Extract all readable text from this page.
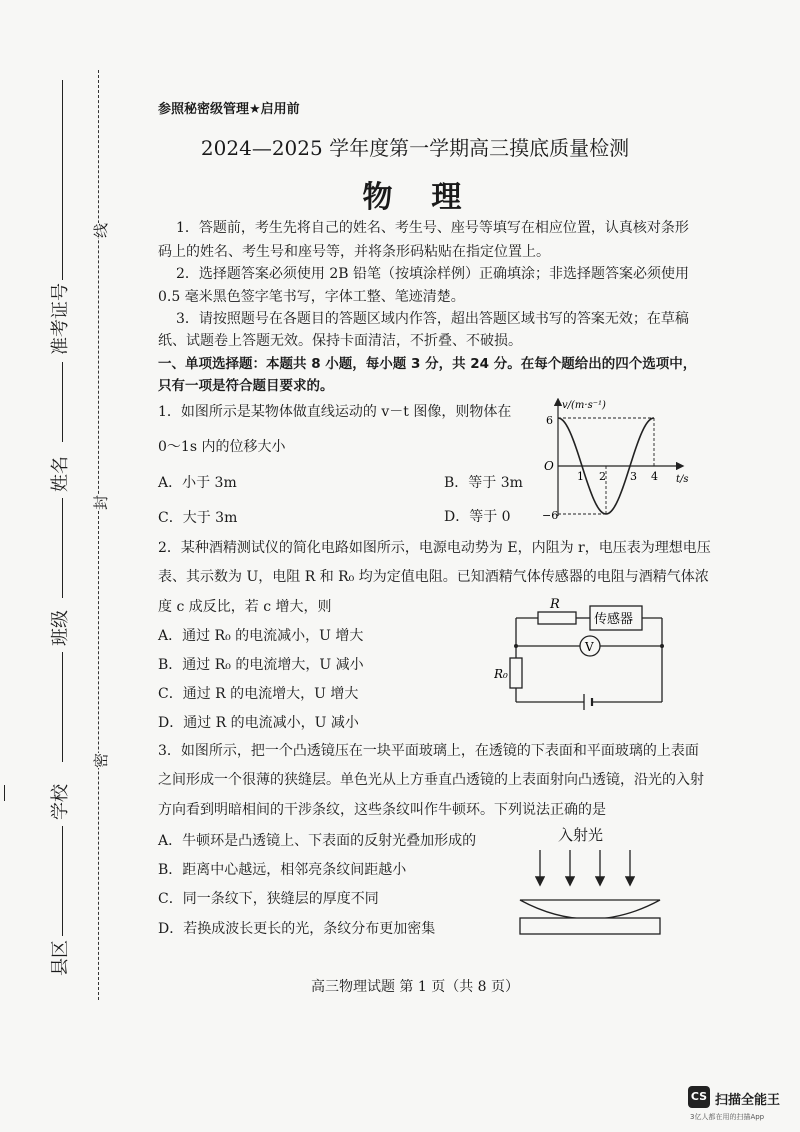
准考证号
姓名
班级
学校
县区
线
封
密
参照秘密级管理★启用前
2024—2025 学年度第一学期高三摸底质量检测
物  理
1．答题前，考生先将自己的姓名、考生号、座号等填写在相应位置，认真核对条形
码上的姓名、考生号和座号等，并将条形码粘贴在指定位置上。
2．选择题答案必须使用 2B 铅笔（按填涂样例）正确填涂；非选择题答案必须使用
0.5 毫米黑色签字笔书写，字体工整、笔迹清楚。
3．请按照题号在各题目的答题区域内作答，超出答题区域书写的答案无效；在草稿
纸、试题卷上答题无效。保持卡面清洁，不折叠、不破损。
一、单项选择题：本题共 8 小题，每小题 3 分，共 24 分。在每个题给出的四个选项中，
只有一项是符合题目要求的。
1．如图所示是某物体做直线运动的 v－t 图像，则物体在
0～1s 内的位移大小
A．小于 3m	B．等于 3m
C．大于 3m	D．等于 0
v/(m·s⁻¹)
t/s
O
6
−6
1 2 3 4
2．某种酒精测试仪的简化电路如图所示，电源电动势为 E，内阻为 r，电压表为理想电压
表、其示数为 U，电阻 R 和 R₀ 均为定值电阻。已知酒精气体传感器的电阻与酒精气体浓
度 c 成反比，若 c 增大，则
A．通过 R₀ 的电流减小，U 增大
B．通过 R₀ 的电流增大，U 减小
C．通过 R 的电流增大，U 增大
D．通过 R 的电流减小，U 减小
R
传感器
V
R₀
3．如图所示，把一个凸透镜压在一块平面玻璃上，在透镜的下表面和平面玻璃的上表面
之间形成一个很薄的狭缝层。单色光从上方垂直凸透镜的上表面射向凸透镜，沿光的入射
方向看到明暗相间的干涉条纹，这些条纹叫作牛顿环。下列说法正确的是
A．牛顿环是凸透镜上、下表面的反射光叠加形成的
B．距离中心越远，相邻亮条纹间距越小
C．同一条纹下，狭缝层的厚度不同
D．若换成波长更长的光，条纹分布更加密集
入射光
高三物理试题 第 1 页（共 8 页）
CS 扫描全能王
3亿人都在用的扫描App
